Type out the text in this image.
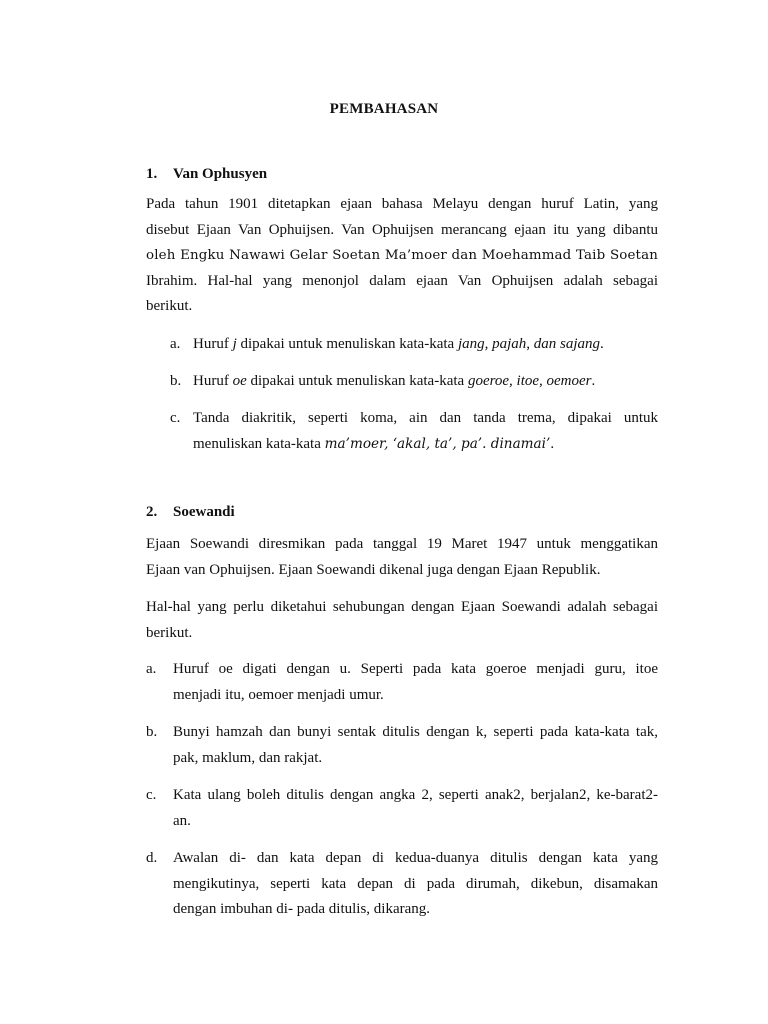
PEMBAHASAN
1. Van Ophusyen
Pada tahun 1901 ditetapkan ejaan bahasa Melayu dengan huruf Latin, yang
disebut Ejaan Van Ophuijsen. Van Ophuijsen merancang ejaan itu yang dibantu
oleh Engku Nawawi Gelar Soetan Ma’moer dan Moehammad Taib Soetan
Ibrahim. Hal-hal yang menonjol dalam ejaan Van Ophuijsen adalah sebagai
berikut.
a. Huruf j dipakai untuk menuliskan kata-kata jang, pajah, dan sajang.
b. Huruf oe dipakai untuk menuliskan kata-kata goeroe, itoe, oemoer.
c. Tanda diakritik, seperti koma, ain dan tanda trema, dipakai untuk
menuliskan kata-kata ma’moer, ‘akal, ta’, pa’. dinamai’.
2. Soewandi
Ejaan Soewandi diresmikan pada tanggal 19 Maret 1947 untuk menggatikan
Ejaan van Ophuijsen. Ejaan Soewandi dikenal juga dengan Ejaan Republik.
Hal-hal yang perlu diketahui sehubungan dengan Ejaan Soewandi adalah sebagai
berikut.
a. Huruf oe digati dengan u. Seperti pada kata goeroe menjadi guru, itoe
menjadi itu, oemoer menjadi umur.
b. Bunyi hamzah dan bunyi sentak ditulis dengan k, seperti pada kata-kata tak,
pak, maklum, dan rakjat.
c. Kata ulang boleh ditulis dengan angka 2, seperti anak2, berjalan2, ke-barat2-
an.
d. Awalan di- dan kata depan di kedua-duanya ditulis dengan kata yang
mengikutinya, seperti kata depan di pada dirumah, dikebun, disamakan
dengan imbuhan di- pada ditulis, dikarang.
